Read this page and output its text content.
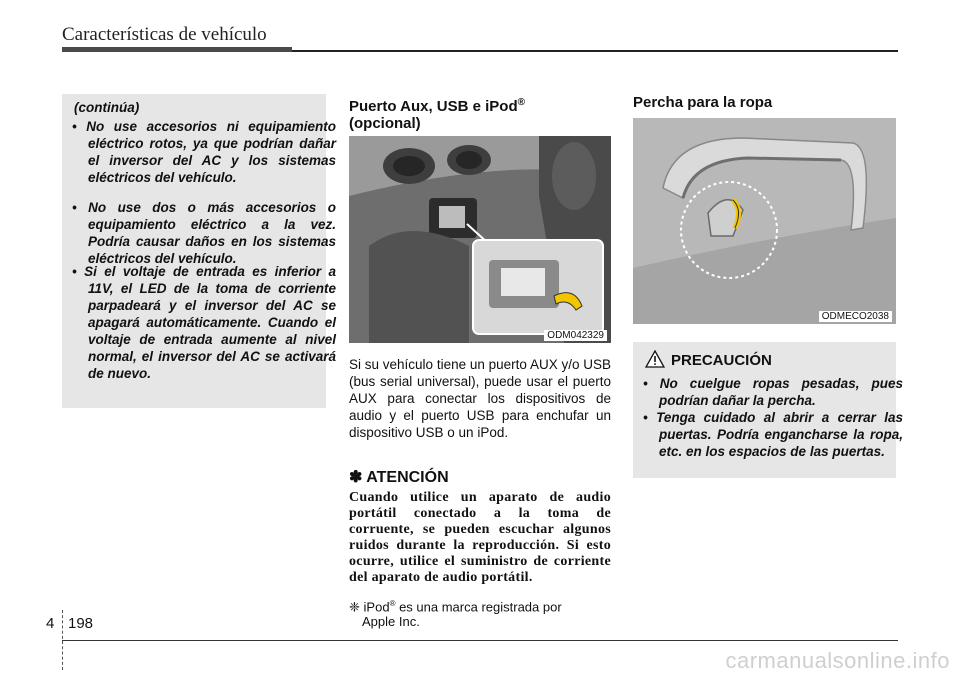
Características de vehículo
(continúa)
• No use accesorios ni equipamiento eléctrico rotos, ya que podrían dañar el inversor del AC y los sistemas eléctricos del vehículo.
• No use dos o más accesorios o equipamiento eléctrico a la vez. Podría causar daños en los sistemas eléctricos del vehículo.
• Si el voltaje de entrada es inferior a 11V, el LED de la toma de corriente parpadeará y el inversor del AC se apagará automáticamente. Cuando el voltaje de entrada aumente al nivel normal, el inversor del AC se activará de nuevo.
Puerto Aux, USB e iPod®
(opcional)
ODM042329
Si su vehículo tiene un puerto AUX y/o USB (bus serial universal), puede usar el puerto AUX para conectar los dispositivos de audio y el puerto USB para enchufar un dispositivo USB o un iPod.
✽ ATENCIÓN
Cuando utilice un aparato de audio portátil conectado a la toma de corruente, se pueden escuchar algunos ruidos durante la reproducción. Si esto ocurre, utilice el suministro de corriente del aparato de audio portátil.
❈ iPod® es una marca registrada por
Apple Inc.
Percha para la ropa
ODMECO2038
PRECAUCIÓN
• No cuelgue ropas pesadas, pues podrían dañar la percha.
• Tenga cuidado al abrir a cerrar las puertas. Podría engancharse la ropa, etc. en los espacios de las puertas.
4 198
carmanualsonline.info
